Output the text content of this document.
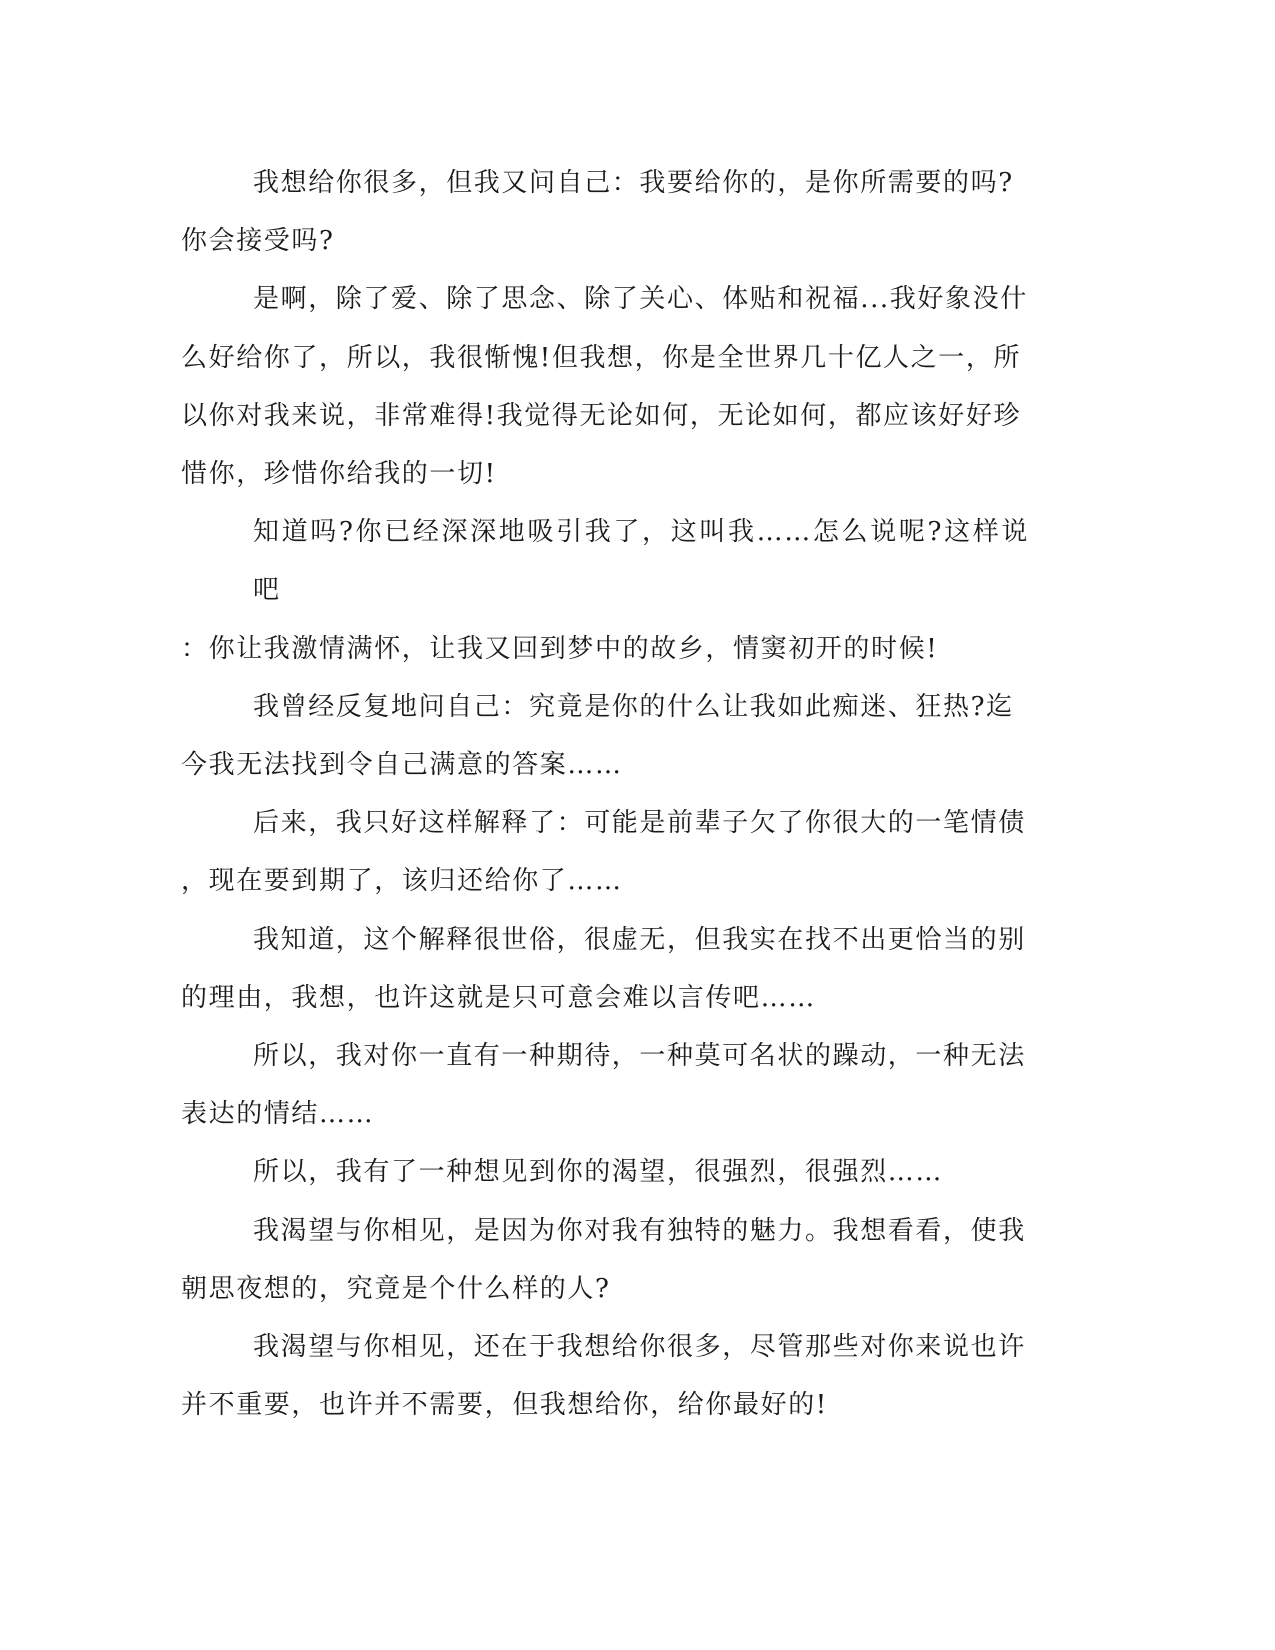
我想给你很多，但我又问自己：我要给你的，是你所需要的吗?
你会接受吗?

是啊，除了爱、除了思念、除了关心、体贴和祝福...我好象没什
么好给你了，所以，我很惭愧!但我想，你是全世界几十亿人之一，所
以你对我来说，非常难得!我觉得无论如何，无论如何，都应该好好珍
惜你，珍惜你给我的一切!

知道吗?你已经深深地吸引我了，这叫我……怎么说呢?这样说吧
：你让我激情满怀，让我又回到梦中的故乡，情窦初开的时候!

我曾经反复地问自己：究竟是你的什么让我如此痴迷、狂热?迄
今我无法找到令自己满意的答案……

后来，我只好这样解释了：可能是前辈子欠了你很大的一笔情债
，现在要到期了，该归还给你了……

我知道，这个解释很世俗，很虚无，但我实在找不出更恰当的别
的理由，我想，也许这就是只可意会难以言传吧……

所以，我对你一直有一种期待，一种莫可名状的躁动，一种无法
表达的情结……

所以，我有了一种想见到你的渴望，很强烈，很强烈……

我渴望与你相见，是因为你对我有独特的魅力。我想看看，使我
朝思夜想的，究竟是个什么样的人?

我渴望与你相见，还在于我想给你很多，尽管那些对你来说也许
并不重要，也许并不需要，但我想给你，给你最好的!
